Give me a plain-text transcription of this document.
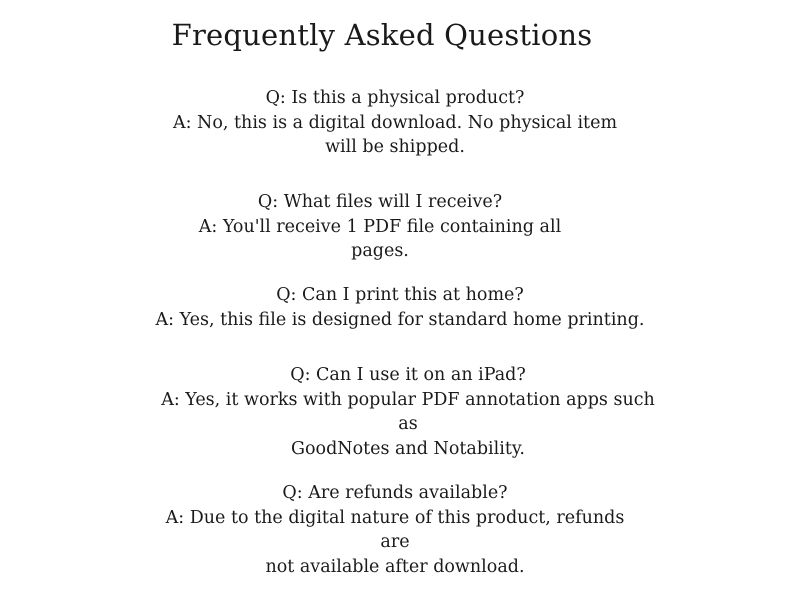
Frequently Asked Questions

Q: Is this a physical product?

A: No, this is a digital download. No physical item

will be shipped.

Q: What files will I receive?

A: You'll receive 1 PDF file containing all pages.

Q: Can I print this at home?

A: Yes, this file is designed for standard home printing.

Q: Can I use it on an iPad?

A: Yes, it works with popular PDF annotation apps such as

GoodNotes and Notability.

Q: Are refunds available?

A: Due to the digital nature of this product, refunds are

not available after download.
